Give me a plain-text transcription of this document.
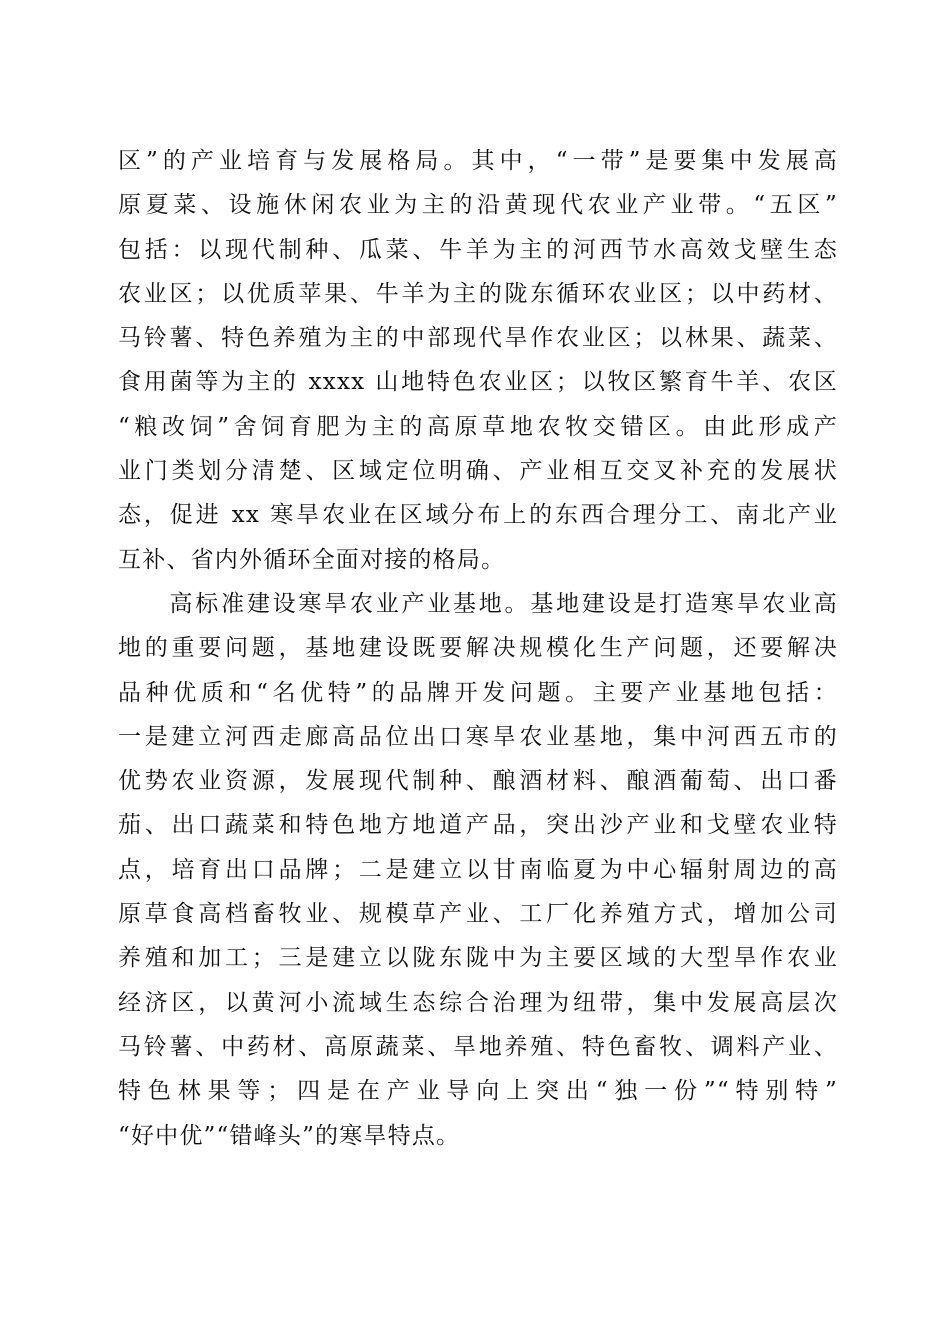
区”的产业培育与发展格局。其中，“一带”是要集中发展高
原夏菜、设施休闲农业为主的沿黄现代农业产业带。“五区”
包括：以现代制种、瓜菜、牛羊为主的河西节水高效戈壁生态
农业区；以优质苹果、牛羊为主的陇东循环农业区；以中药材、
马铃薯、特色养殖为主的中部现代旱作农业区；以林果、蔬菜、
食用菌等为主的 xxxx 山地特色农业区；以牧区繁育牛羊、农区
“粮改饲”舍饲育肥为主的高原草地农牧交错区。由此形成产
业门类划分清楚、区域定位明确、产业相互交叉补充的发展状
态，促进 xx 寒旱农业在区域分布上的东西合理分工、南北产业
互补、省内外循环全面对接的格局。
　　高标准建设寒旱农业产业基地。基地建设是打造寒旱农业高
地的重要问题，基地建设既要解决规模化生产问题，还要解决
品种优质和“名优特”的品牌开发问题。主要产业基地包括：
一是建立河西走廊高品位出口寒旱农业基地，集中河西五市的
优势农业资源，发展现代制种、酿酒材料、酿酒葡萄、出口番
茄、出口蔬菜和特色地方地道产品，突出沙产业和戈壁农业特
点，培育出口品牌；二是建立以甘南临夏为中心辐射周边的高
原草食高档畜牧业、规模草产业、工厂化养殖方式，增加公司
养殖和加工；三是建立以陇东陇中为主要区域的大型旱作农业
经济区，以黄河小流域生态综合治理为纽带，集中发展高层次
马铃薯、中药材、高原蔬菜、旱地养殖、特色畜牧、调料产业、
特色林果等；四是在产业导向上突出“独一份”“特别特”
“好中优”“错峰头”的寒旱特点。
